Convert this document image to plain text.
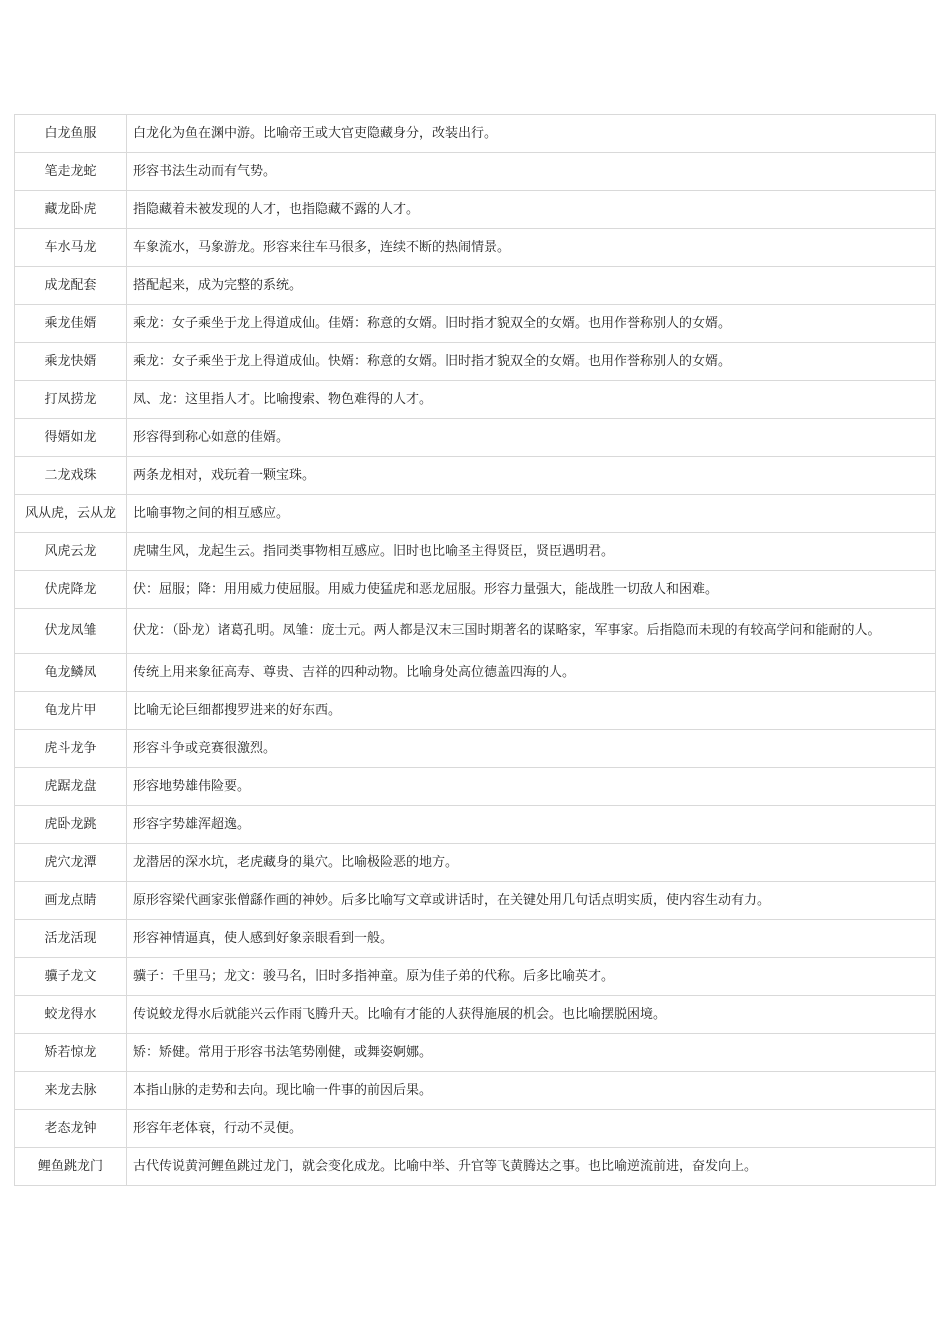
白龙鱼服	白龙化为鱼在渊中游。比喻帝王或大官吏隐藏身分，改装出行。
笔走龙蛇	形容书法生动而有气势。
藏龙卧虎	指隐藏着未被发现的人才，也指隐藏不露的人才。
车水马龙	车象流水，马象游龙。形容来往车马很多，连续不断的热闹情景。
成龙配套	搭配起来，成为完整的系统。
乘龙佳婿	乘龙：女子乘坐于龙上得道成仙。佳婿：称意的女婿。旧时指才貌双全的女婿。也用作誉称别人的女婿。
乘龙快婿	乘龙：女子乘坐于龙上得道成仙。快婿：称意的女婿。旧时指才貌双全的女婿。也用作誉称别人的女婿。
打凤捞龙	凤、龙：这里指人才。比喻搜索、物色难得的人才。
得婿如龙	形容得到称心如意的佳婿。
二龙戏珠	两条龙相对，戏玩着一颗宝珠。
风从虎，云从龙	比喻事物之间的相互感应。
风虎云龙	虎啸生风，龙起生云。指同类事物相互感应。旧时也比喻圣主得贤臣，贤臣遇明君。
伏虎降龙	伏：屈服；降：用用威力使屈服。用威力使猛虎和恶龙屈服。形容力量强大，能战胜一切敌人和困难。
伏龙凤雏	伏龙：（卧龙）诸葛孔明。凤雏：庞士元。两人都是汉末三国时期著名的谋略家，军事家。后指隐而未现的有较高学问和能耐的人。
龟龙鳞凤	传统上用来象征高寿、尊贵、吉祥的四种动物。比喻身处高位德盖四海的人。
龟龙片甲	比喻无论巨细都搜罗进来的好东西。
虎斗龙争	形容斗争或竞赛很激烈。
虎踞龙盘	形容地势雄伟险要。
虎卧龙跳	形容字势雄浑超逸。
虎穴龙潭	龙潜居的深水坑，老虎藏身的巢穴。比喻极险恶的地方。
画龙点睛	原形容梁代画家张僧繇作画的神妙。后多比喻写文章或讲话时，在关键处用几句话点明实质，使内容生动有力。
活龙活现	形容神情逼真，使人感到好象亲眼看到一般。
骥子龙文	骥子：千里马；龙文：骏马名，旧时多指神童。原为佳子弟的代称。后多比喻英才。
蛟龙得水	传说蛟龙得水后就能兴云作雨飞腾升天。比喻有才能的人获得施展的机会。也比喻摆脱困境。
矫若惊龙	矫：矫健。常用于形容书法笔势刚健，或舞姿婀娜。
来龙去脉	本指山脉的走势和去向。现比喻一件事的前因后果。
老态龙钟	形容年老体衰，行动不灵便。
鲤鱼跳龙门	古代传说黄河鲤鱼跳过龙门，就会变化成龙。比喻中举、升官等飞黄腾达之事。也比喻逆流前进，奋发向上。
